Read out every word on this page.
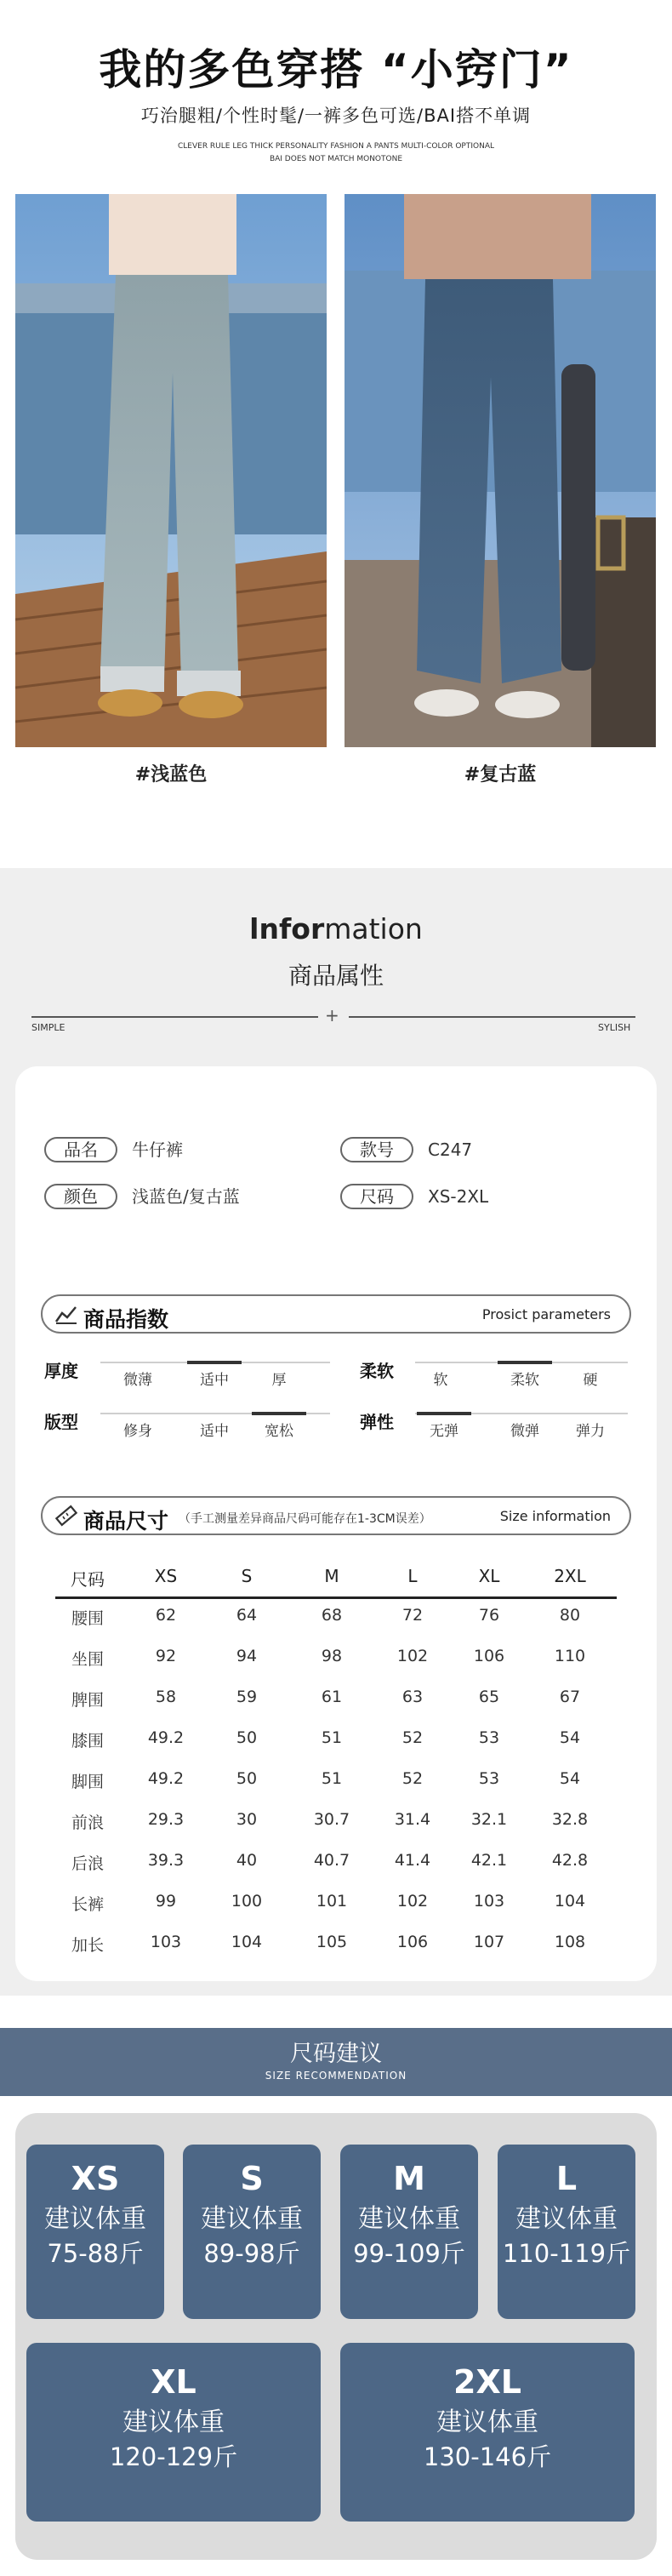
我的多色穿搭 “小窍门”
巧治腿粗/个性时髦/一裤多色可选/BAI搭不单调
CLEVER RULE LEG THICK PERSONALITY FASHION A PANTS MULTI-COLOR OPTIONAL
BAI DOES NOT MATCH MONOTONE
#浅蓝色	#复古蓝
lnformation
商品属性
+
SIMPLE	SYLISH
品名	牛仔裤	款号	C247
颜色	浅蓝色/复古蓝	尺码	XS-2XL
商品指数	Prosict parameters
厚度	微薄	适中	厚	柔软	软	柔软	硬
版型	修身	适中	宽松	弹性	无弹	微弹	弹力
商品尺寸 （手工测量差异商品尺码可能存在1-3CM误差）	Size information
尺码	XS	S	M	L	XL	2XL
腰围	62	64	68	72	76	80
坐围	92	94	98	102	106	110
脾围	58	59	61	63	65	67
膝围	49.2	50	51	52	53	54
脚围	49.2	50	51	52	53	54
前浪	29.3	30	30.7	31.4	32.1	32.8
后浪	39.3	40	40.7	41.4	42.1	42.8
长裤	99	100	101	102	103	104
加长	103	104	105	106	107	108
尺码建议
SIZE RECOMMENDATION
XS
建议体重
75-88斤
S
建议体重
89-98斤
M
建议体重
99-109斤
L
建议体重
110-119斤
XL
建议体重
120-129斤
2XL
建议体重
130-146斤
